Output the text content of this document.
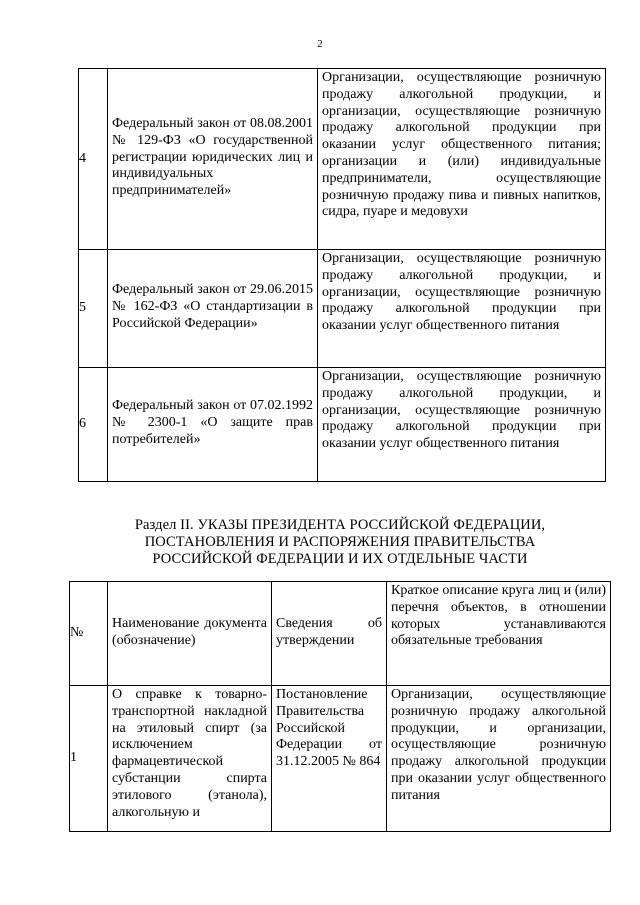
2
4	Федеральный закон от 08.08.2001 № 129-ФЗ «О государственной регистрации юридических лиц и индивидуальных предпринимателей»	Организации, осуществляющие розничную продажу алкогольной продукции, и организации, осуществляющие розничную продажу алкогольной продукции при оказании услуг общественного питания; организации и (или) индивидуальные предприниматели, осуществляющие розничную продажу пива и пивных напитков, сидра, пуаре и медовухи
5	Федеральный закон от 29.06.2015 № 162-ФЗ «О стандартизации в Российской Федерации»	Организации, осуществляющие розничную продажу алкогольной продукции, и организации, осуществляющие розничную продажу алкогольной продукции при оказании услуг общественного питания
6	Федеральный закон от 07.02.1992 № 2300-1 «О защите прав потребителей»	Организации, осуществляющие розничную продажу алкогольной продукции, и организации, осуществляющие розничную продажу алкогольной продукции при оказании услуг общественного питания
Раздел II. УКАЗЫ ПРЕЗИДЕНТА РОССИЙСКОЙ ФЕДЕРАЦИИ,
ПОСТАНОВЛЕНИЯ И РАСПОРЯЖЕНИЯ ПРАВИТЕЛЬСТВА
РОССИЙСКОЙ ФЕДЕРАЦИИ И ИХ ОТДЕЛЬНЫЕ ЧАСТИ
№	Наименование документа (обозначение)	Сведения об утверждении	Краткое описание круга лиц и (или) перечня объектов, в отношении которых устанавливаются обязательные требования
1	О справке к товарно-транспортной накладной на этиловый спирт (за исключением фармацевтической субстанции спирта этилового (этанола), алкогольную и	Постановление Правительства Российской Федерации от 31.12.2005 № 864	Организации, осуществляющие розничную продажу алкогольной продукции, и организации, осуществляющие розничную продажу алкогольной продукции при оказании услуг общественного питания
